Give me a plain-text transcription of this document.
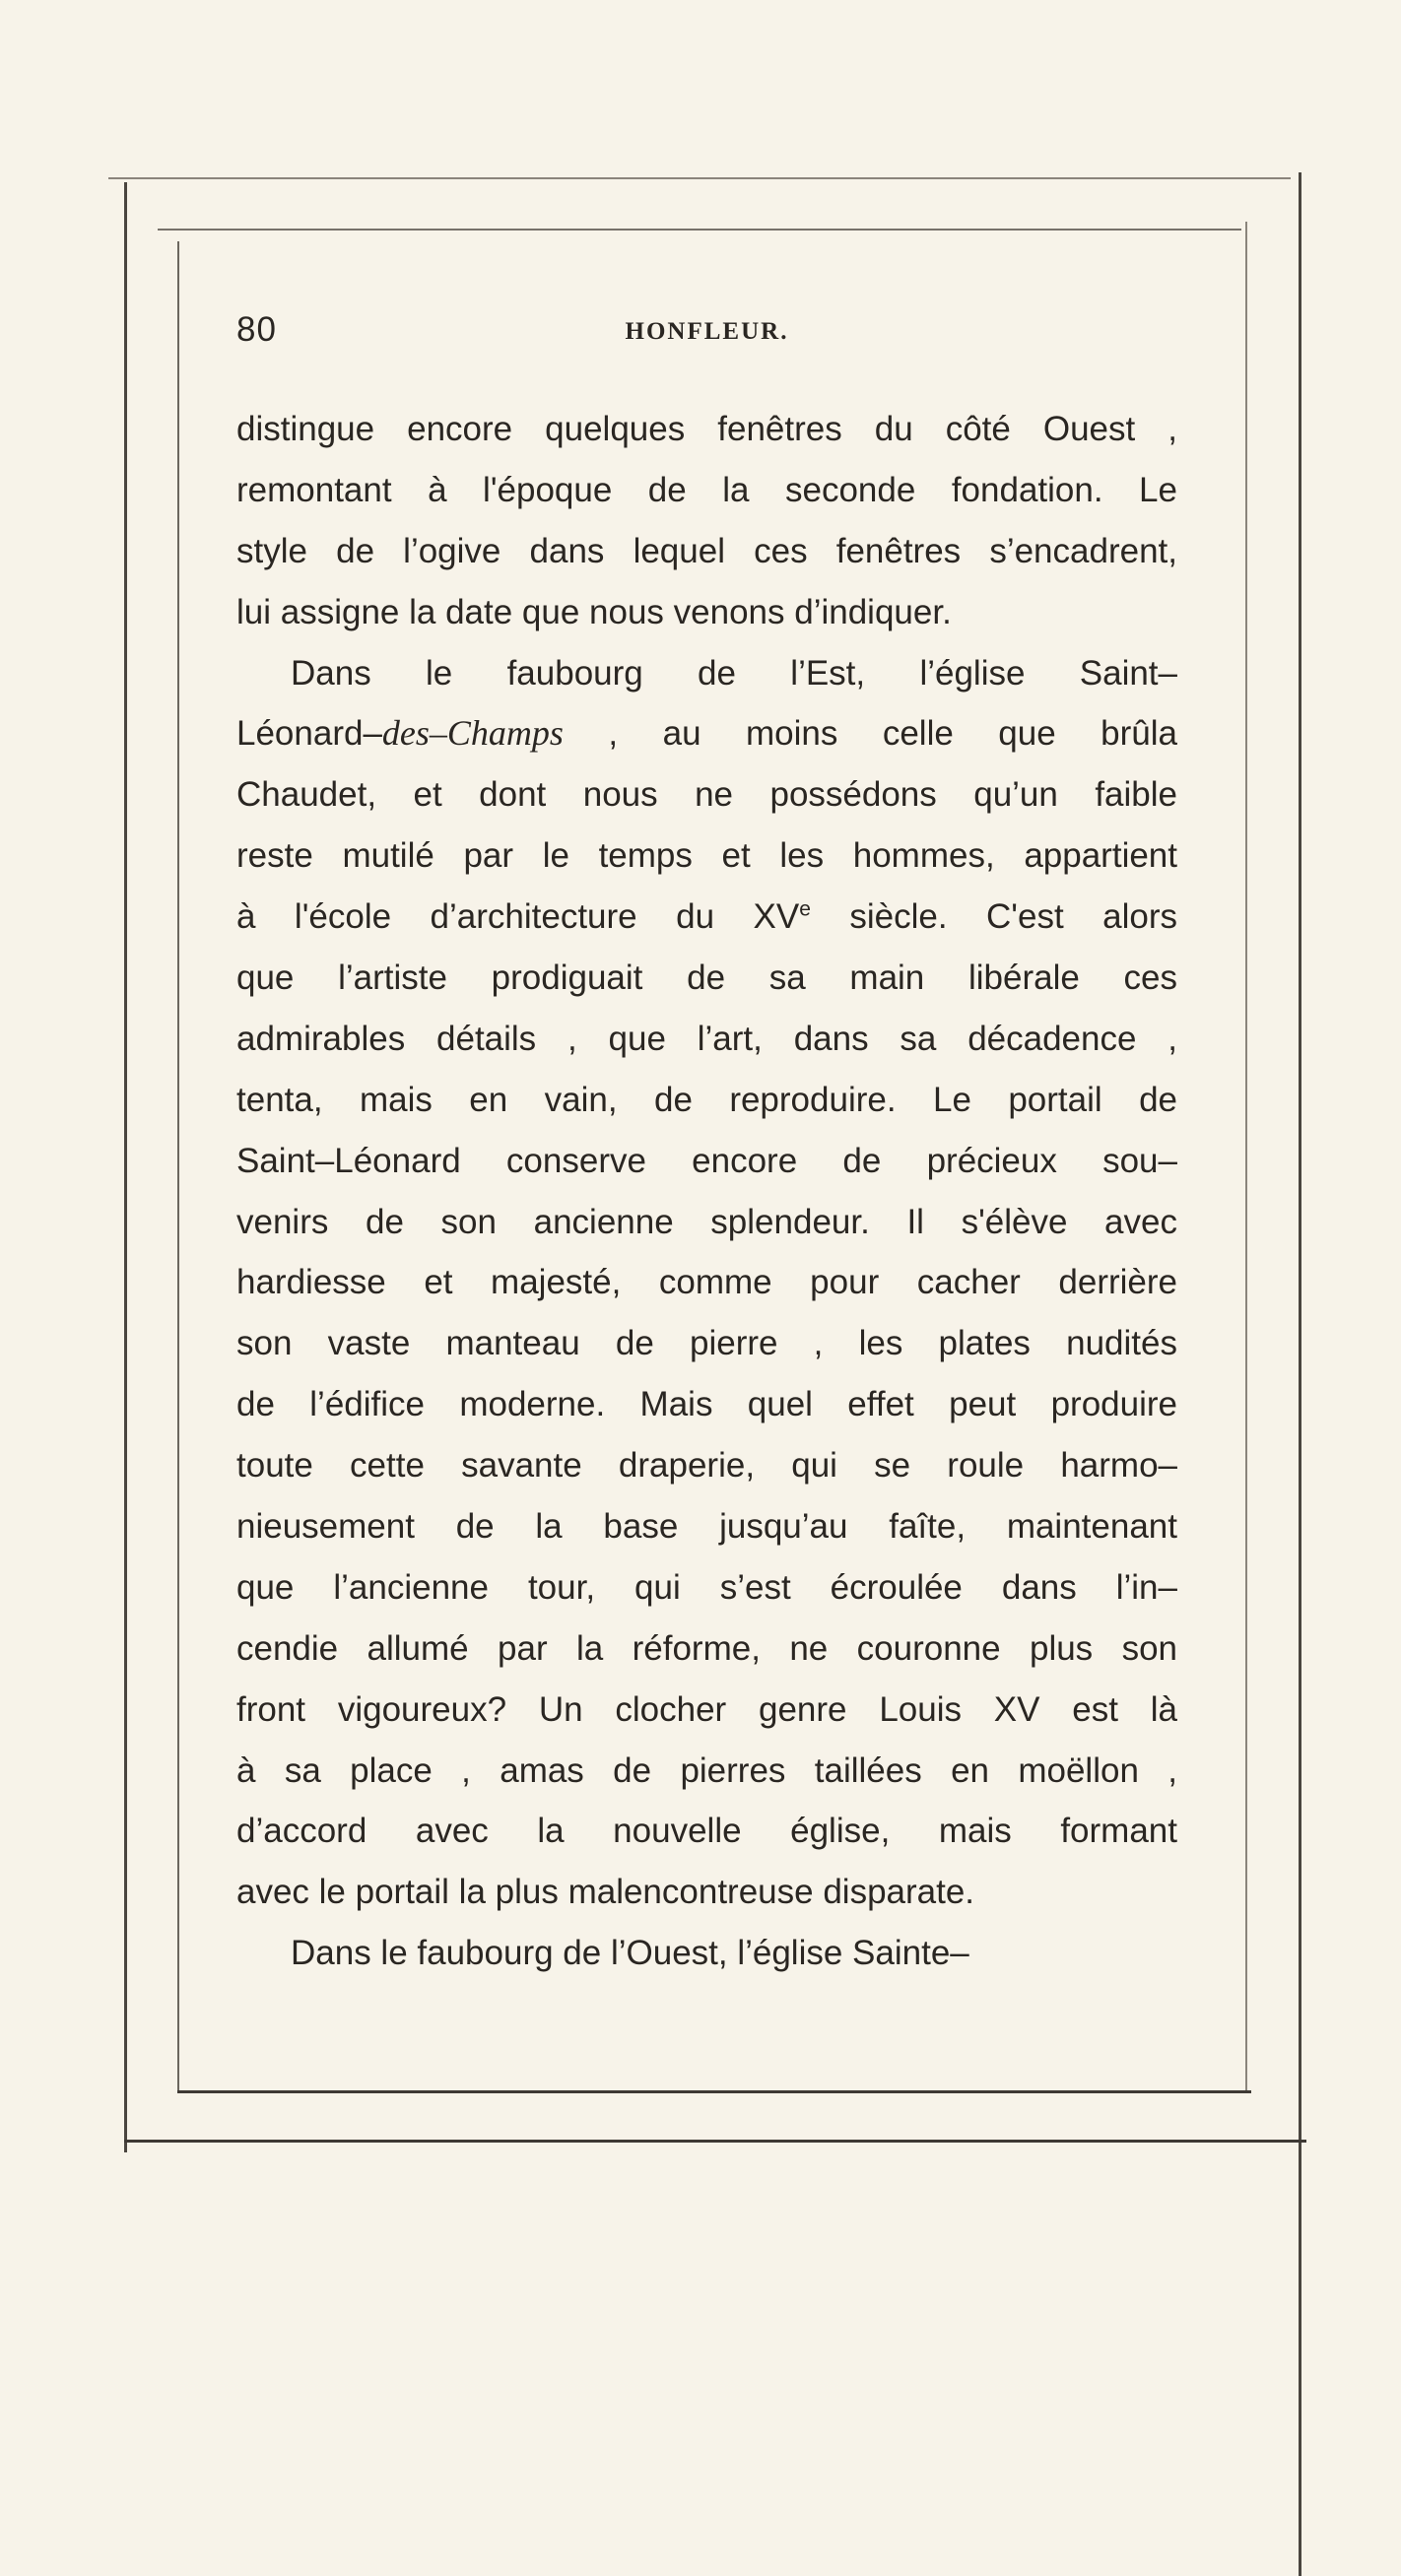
80	HONFLEUR.
distingue encore quelques fenêtres du côté Ouest ,
remontant à l'époque de la seconde fondation. Le
style de l’ogive dans lequel ces fenêtres s’encadrent,
lui assigne la date que nous venons d’indiquer.
Dans le faubourg de l’Est, l’église Saint–
Léonard–des–Champs , au moins celle que brûla
Chaudet, et dont nous ne possédons qu’un faible
reste mutilé par le temps et les hommes, appartient
à l'école d’architecture du XVe siècle. C'est alors
que l’artiste prodiguait de sa main libérale ces
admirables détails , que l’art, dans sa décadence ,
tenta, mais en vain, de reproduire. Le portail de
Saint–Léonard conserve encore de précieux sou–
venirs de son ancienne splendeur. Il s'élève avec
hardiesse et majesté, comme pour cacher derrière
son vaste manteau de pierre , les plates nudités
de l’édifice moderne. Mais quel effet peut produire
toute cette savante draperie, qui se roule harmo–
nieusement de la base jusqu’au faîte, maintenant
que l’ancienne tour, qui s’est écroulée dans l’in–
cendie allumé par la réforme, ne couronne plus son
front vigoureux? Un clocher genre Louis XV est là
à sa place , amas de pierres taillées en moëllon ,
d’accord avec la nouvelle église, mais formant
avec le portail la plus malencontreuse disparate.
Dans le faubourg de l’Ouest, l’église Sainte–
